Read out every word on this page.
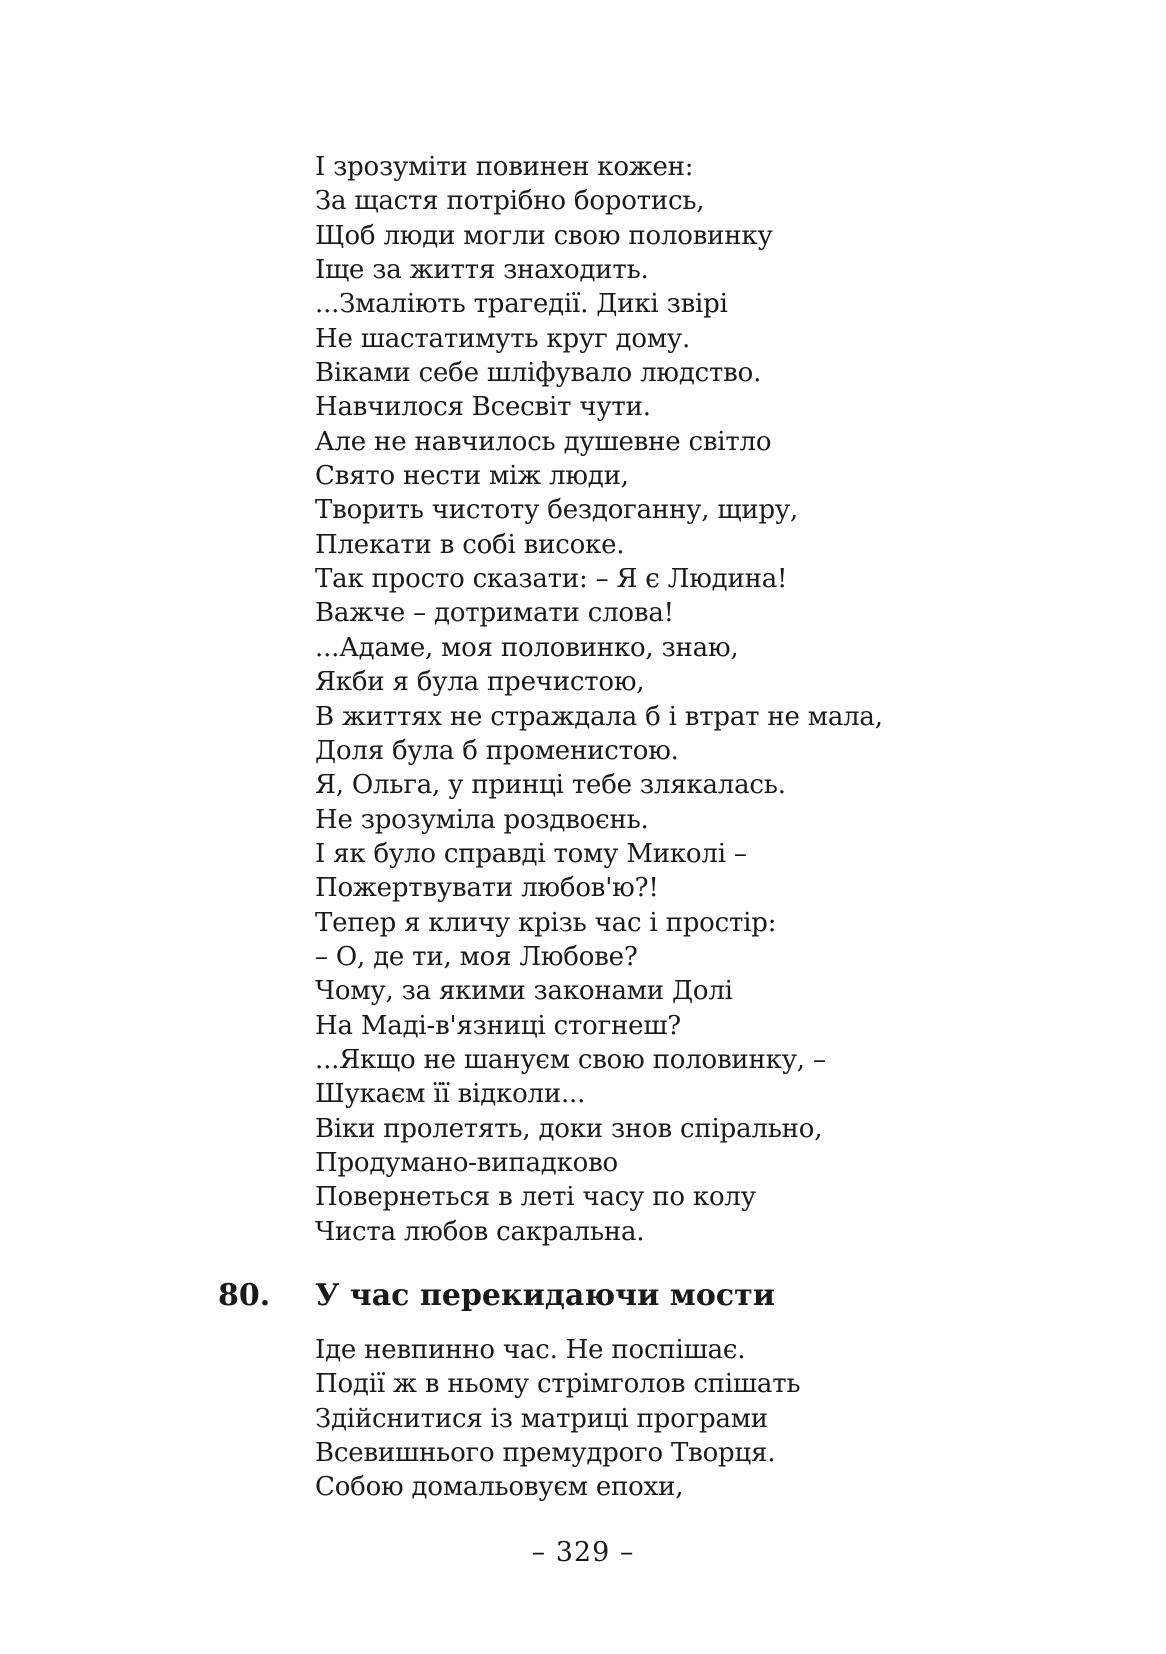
І зрозуміти повинен кожен:
За щастя потрібно боротись,
Щоб люди могли свою половинку
Іще за життя знаходить.
...Змаліють трагедії. Дикі звірі
Не шастатимуть круг дому.
Віками себе шліфувало людство.
Навчилося Всесвіт чути.
Але не навчилось душевне світло
Свято нести між люди,
Творить чистоту бездоганну, щиру,
Плекати в собі високе.
Так просто сказати: – Я є Людина!
Важче – дотримати слова!
...Адаме, моя половинко, знаю,
Якби я була пречистою,
В життях не страждала б і втрат не мала,
Доля була б променистою.
Я, Ольга, у принці тебе злякалась.
Не зрозуміла роздвоєнь.
І як було справді тому Миколі –
Пожертвувати любов'ю?!
Тепер я кличу крізь час і простір:
– О, де ти, моя Любове?
Чому, за якими законами Долі
На Маді-в'язниці стогнеш?
...Якщо не шануєм свою половинку, –
Шукаєм її відколи...
Віки пролетять, доки знов спірально,
Продумано-випадково
Повернеться в леті часу по колу
Чиста любов сакральна.
80.	У час перекидаючи мости
Іде невпинно час. Не поспішає.
Події ж в ньому стрімголов спішать
Здійснитися із матриці програми
Всевишнього премудрого Творця.
Собою домальовуєм епохи,
– 329 –
